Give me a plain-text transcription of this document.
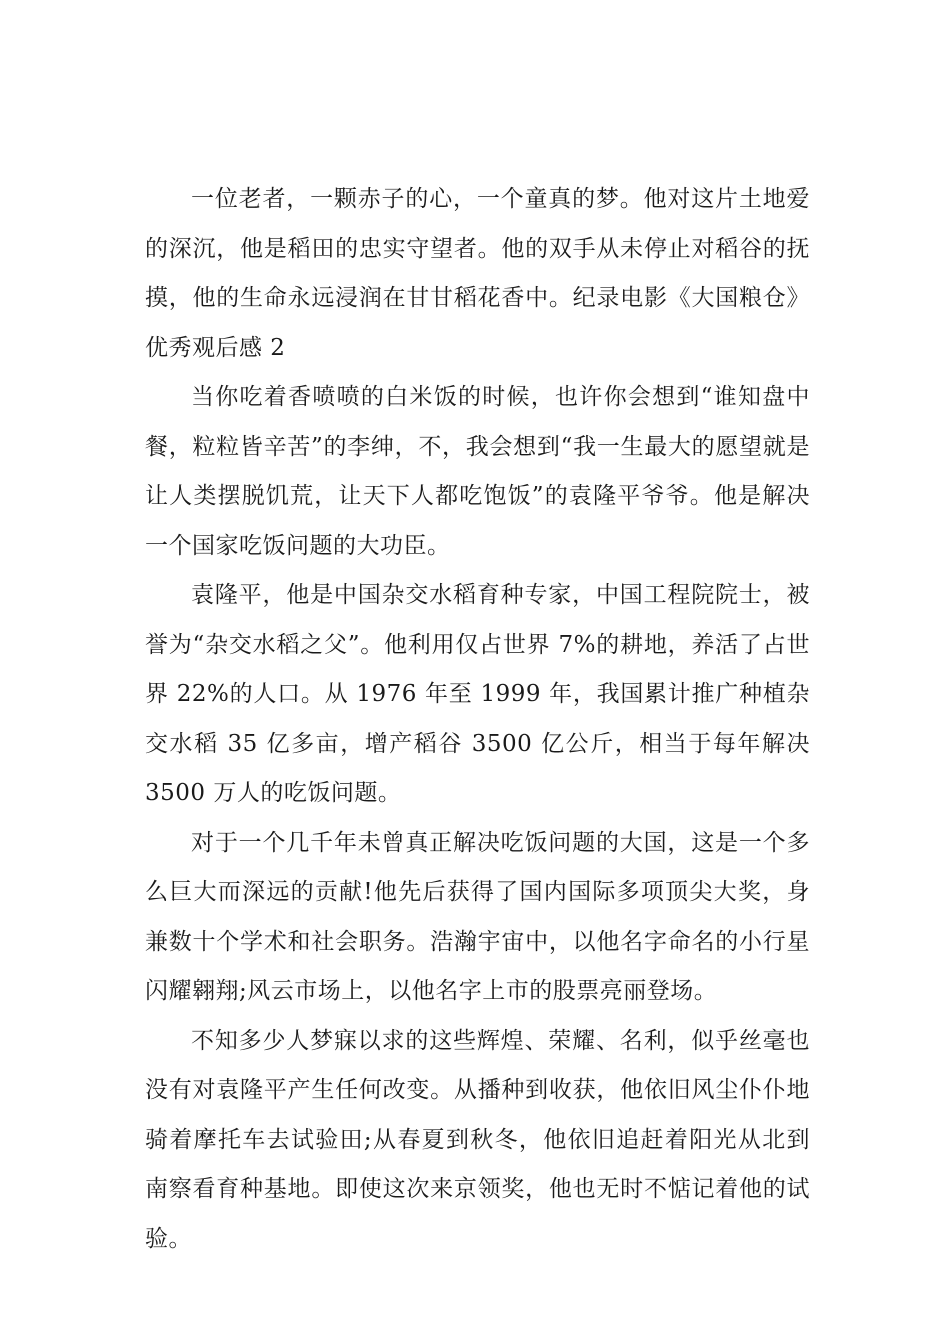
一位老者，一颗赤子的心，一个童真的梦。他对这片土地爱的深沉，他是稻田的忠实守望者。他的双手从未停止对稻谷的抚摸，他的生命永远浸润在甘甘稻花香中。纪录电影《大国粮仓》优秀观后感 2

当你吃着香喷喷的白米饭的时候，也许你会想到“谁知盘中餐，粒粒皆辛苦”的李绅，不，我会想到“我一生最大的愿望就是让人类摆脱饥荒，让天下人都吃饱饭”的袁隆平爷爷。他是解决一个国家吃饭问题的大功臣。

袁隆平，他是中国杂交水稻育种专家，中国工程院院士，被誉为“杂交水稻之父”。他利用仅占世界 7%的耕地，养活了占世界 22%的人口。从 1976 年至 1999 年，我国累计推广种植杂交水稻 35 亿多亩，增产稻谷 3500 亿公斤，相当于每年解决 3500 万人的吃饭问题。

对于一个几千年未曾真正解决吃饭问题的大国，这是一个多么巨大而深远的贡献!他先后获得了国内国际多项顶尖大奖，身兼数十个学术和社会职务。浩瀚宇宙中，以他名字命名的小行星闪耀翱翔;风云市场上，以他名字上市的股票亮丽登场。

不知多少人梦寐以求的这些辉煌、荣耀、名利，似乎丝毫也没有对袁隆平产生任何改变。从播种到收获，他依旧风尘仆仆地骑着摩托车去试验田;从春夏到秋冬，他依旧追赶着阳光从北到南察看育种基地。即使这次来京领奖，他也无时不惦记着他的试验。
